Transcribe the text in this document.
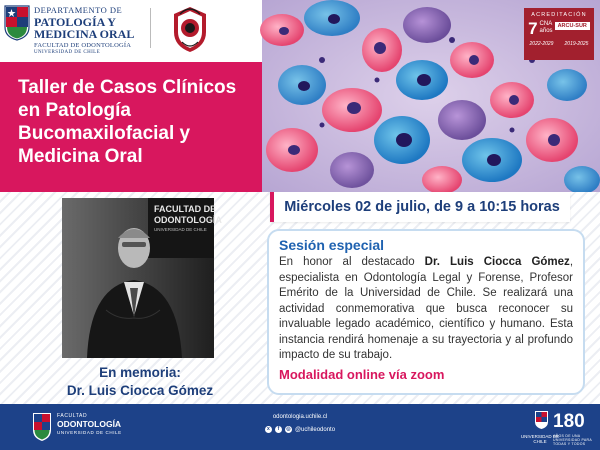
DEPARTAMENTO DE
PATOLOGÍA Y
MEDICINA ORAL
FACULTAD DE ODONTOLOGÍA
UNIVERSIDAD DE CHILE
ACREDITACIÓN
7 CNA
años
ARCU-SUR
2022-2029 2019-2025
Taller de Casos Clínicos
en Patología
Bucomaxilofacial y
Medicina Oral
FACULTAD DE
ODONTOLOGÍA
UNIVERSIDAD DE CHILE
En memoria:
Dr. Luis Ciocca Gómez
Miércoles 02 de julio, de 9 a 10:15 horas
Sesión especial
En honor al destacado Dr. Luis Ciocca Gómez, especialista en Odontología Legal y Forense, Profesor Emérito de la Universidad de Chile. Se realizará una actividad conmemorativa que busca reconocer su invaluable legado académico, científico y humano. Esta instancia rendirá homenaje a su trayectoria y al profundo impacto de su trabajo.
Modalidad online vía zoom
FACULTAD
ODONTOLOGÍA
UNIVERSIDAD DE CHILE
odontologia.uchile.cl
x	f	◎ @uchileodonto
UNIVERSIDAD DE CHILE
180
AÑOS DE UNA UNIVERSIDAD PARA TODAS Y TODOS
